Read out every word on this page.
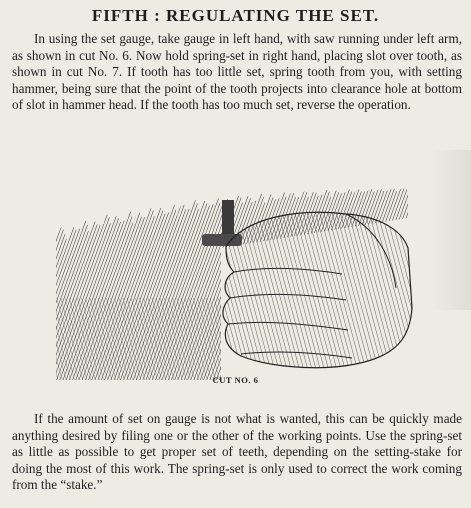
FIFTH : REGULATING THE SET.

In using the set gauge, take gauge in left hand, with saw running under left arm, as shown in cut No. 6. Now hold spring-set in right hand, placing slot over tooth, as shown in cut No. 7. If tooth has too little set, spring tooth from you, with setting hammer, being sure that the point of the tooth projects into clearance hole at bottom of slot in hammer head. If the tooth has too much set, reverse the operation.

CUT NO. 6

If the amount of set on gauge is not what is wanted, this can be quickly made anything desired by filing one or the other of the working points. Use the spring-set as little as possible to get proper set of teeth, depending on the setting-stake for doing the most of this work. The spring-set is only used to correct the work coming from the “stake.”
